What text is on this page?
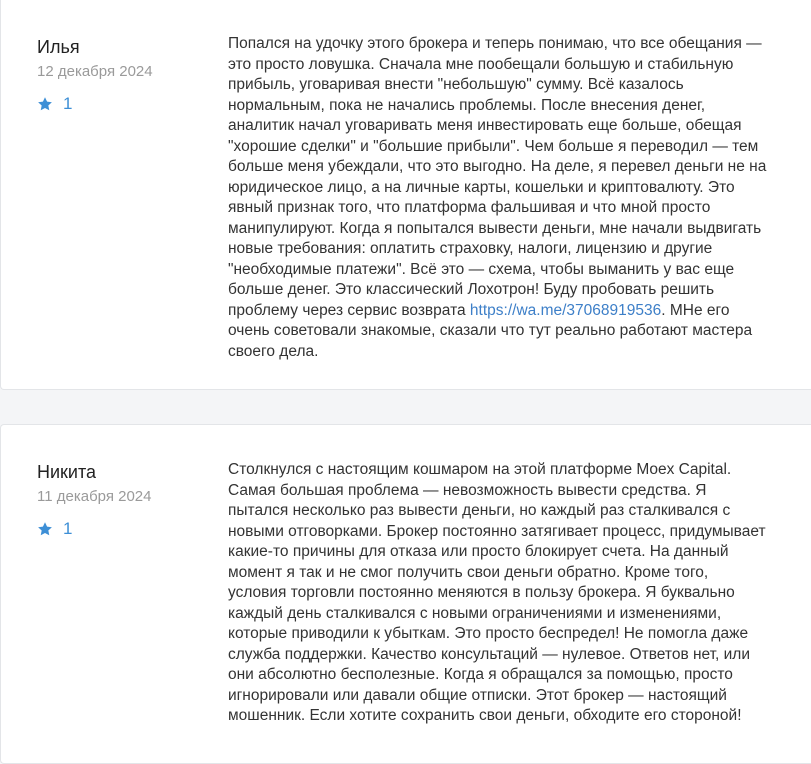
Илья
12 декабря 2024
1

Попался на удочку этого брокера и теперь понимаю, что все обещания — это просто ловушка. Сначала мне пообещали большую и стабильную прибыль, уговаривая внести "небольшую" сумму. Всё казалось нормальным, пока не начались проблемы. После внесения денег, аналитик начал уговаривать меня инвестировать еще больше, обещая "хорошие сделки" и "большие прибыли". Чем больше я переводил — тем больше меня убеждали, что это выгодно. На деле, я перевел деньги не на юридическое лицо, а на личные карты, кошельки и криптовалюту. Это явный признак того, что платформа фальшивая и что мной просто манипулируют. Когда я попытался вывести деньги, мне начали выдвигать новые требования: оплатить страховку, налоги, лицензию и другие "необходимые платежи". Всё это — схема, чтобы выманить у вас еще больше денег. Это классический Лохотрон! Буду пробовать решить проблему через сервис возврата https://wa.me/37068919536. МНе его очень советовали знакомые, сказали что тут реально работают мастера своего дела.

Никита
11 декабря 2024
1

Столкнулся с настоящим кошмаром на этой платформе Moex Capital. Самая большая проблема — невозможность вывести средства. Я пытался несколько раз вывести деньги, но каждый раз сталкивался с новыми отговорками. Брокер постоянно затягивает процесс, придумывает какие-то причины для отказа или просто блокирует счета. На данный момент я так и не смог получить свои деньги обратно. Кроме того, условия торговли постоянно меняются в пользу брокера. Я буквально каждый день сталкивался с новыми ограничениями и изменениями, которые приводили к убыткам. Это просто беспредел! Не помогла даже служба поддержки. Качество консультаций — нулевое. Ответов нет, или они абсолютно бесполезные. Когда я обращался за помощью, просто игнорировали или давали общие отписки. Этот брокер — настоящий мошенник. Если хотите сохранить свои деньги, обходите его стороной!
